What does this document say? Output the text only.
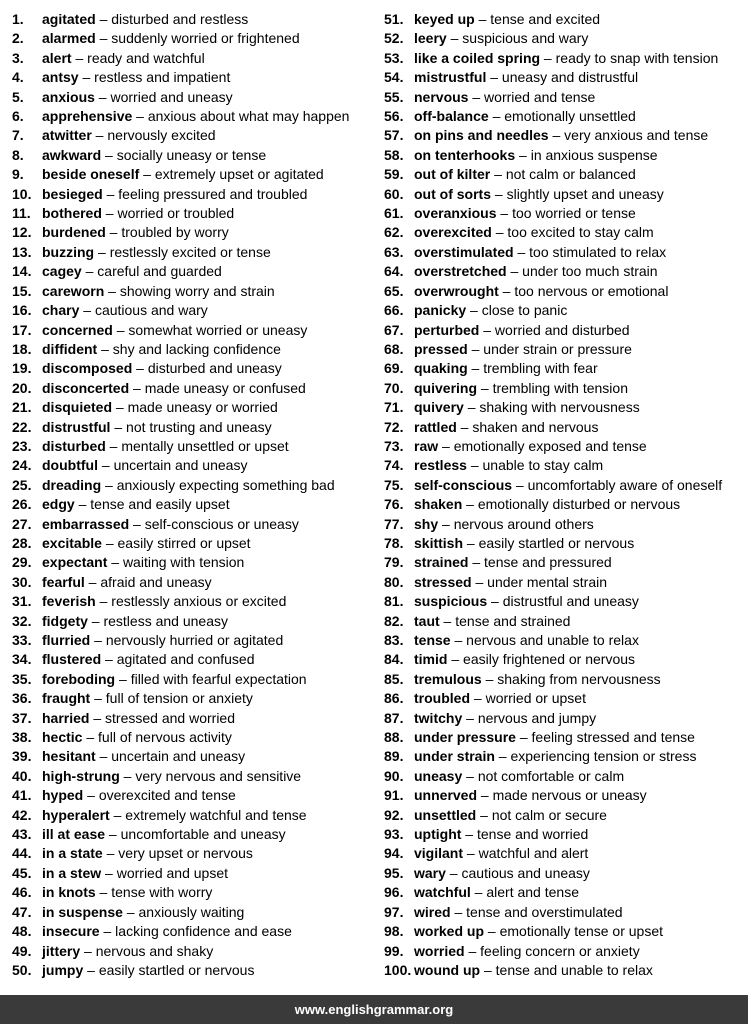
1. agitated – disturbed and restless
2. alarmed – suddenly worried or frightened
3. alert – ready and watchful
4. antsy – restless and impatient
5. anxious – worried and uneasy
6. apprehensive – anxious about what may happen
7. atwitter – nervously excited
8. awkward – socially uneasy or tense
9. beside oneself – extremely upset or agitated
10. besieged – feeling pressured and troubled
11. bothered – worried or troubled
12. burdened – troubled by worry
13. buzzing – restlessly excited or tense
14. cagey – careful and guarded
15. careworn – showing worry and strain
16. chary – cautious and wary
17. concerned – somewhat worried or uneasy
18. diffident – shy and lacking confidence
19. discomposed – disturbed and uneasy
20. disconcerted – made uneasy or confused
21. disquieted – made uneasy or worried
22. distrustful – not trusting and uneasy
23. disturbed – mentally unsettled or upset
24. doubtful – uncertain and uneasy
25. dreading – anxiously expecting something bad
26. edgy – tense and easily upset
27. embarrassed – self-conscious or uneasy
28. excitable – easily stirred or upset
29. expectant – waiting with tension
30. fearful – afraid and uneasy
31. feverish – restlessly anxious or excited
32. fidgety – restless and uneasy
33. flurried – nervously hurried or agitated
34. flustered – agitated and confused
35. foreboding – filled with fearful expectation
36. fraught – full of tension or anxiety
37. harried – stressed and worried
38. hectic – full of nervous activity
39. hesitant – uncertain and uneasy
40. high-strung – very nervous and sensitive
41. hyped – overexcited and tense
42. hyperalert – extremely watchful and tense
43. ill at ease – uncomfortable and uneasy
44. in a state – very upset or nervous
45. in a stew – worried and upset
46. in knots – tense with worry
47. in suspense – anxiously waiting
48. insecure – lacking confidence and ease
49. jittery – nervous and shaky
50. jumpy – easily startled or nervous
51. keyed up – tense and excited
52. leery – suspicious and wary
53. like a coiled spring – ready to snap with tension
54. mistrustful – uneasy and distrustful
55. nervous – worried and tense
56. off-balance – emotionally unsettled
57. on pins and needles – very anxious and tense
58. on tenterhooks – in anxious suspense
59. out of kilter – not calm or balanced
60. out of sorts – slightly upset and uneasy
61. overanxious – too worried or tense
62. overexcited – too excited to stay calm
63. overstimulated – too stimulated to relax
64. overstretched – under too much strain
65. overwrought – too nervous or emotional
66. panicky – close to panic
67. perturbed – worried and disturbed
68. pressed – under strain or pressure
69. quaking – trembling with fear
70. quivering – trembling with tension
71. quivery – shaking with nervousness
72. rattled – shaken and nervous
73. raw – emotionally exposed and tense
74. restless – unable to stay calm
75. self-conscious – uncomfortably aware of oneself
76. shaken – emotionally disturbed or nervous
77. shy – nervous around others
78. skittish – easily startled or nervous
79. strained – tense and pressured
80. stressed – under mental strain
81. suspicious – distrustful and uneasy
82. taut – tense and strained
83. tense – nervous and unable to relax
84. timid – easily frightened or nervous
85. tremulous – shaking from nervousness
86. troubled – worried or upset
87. twitchy – nervous and jumpy
88. under pressure – feeling stressed and tense
89. under strain – experiencing tension or stress
90. uneasy – not comfortable or calm
91. unnerved – made nervous or uneasy
92. unsettled – not calm or secure
93. uptight – tense and worried
94. vigilant – watchful and alert
95. wary – cautious and uneasy
96. watchful – alert and tense
97. wired – tense and overstimulated
98. worked up – emotionally tense or upset
99. worried – feeling concern or anxiety
100. wound up – tense and unable to relax
www.englishgrammar.org
